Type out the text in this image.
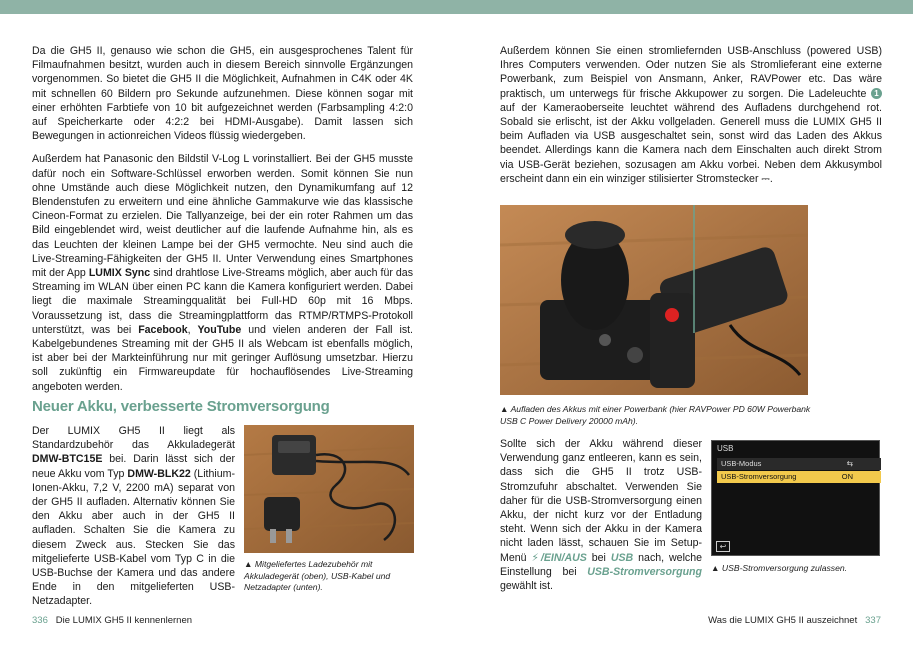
Da die GH5 II, genauso wie schon die GH5, ein ausgesprochenes Talent für Filmaufnahmen besitzt, wurden auch in diesem Bereich sinnvolle Ergänzungen vorgenommen. So bietet die GH5 II die Möglichkeit, Aufnahmen in C4K oder 4K mit schnellen 60 Bildern pro Sekunde aufzunehmen. Diese können sogar mit einer erhöhten Farbtiefe von 10 bit aufgezeichnet werden (Farbsampling 4:2:0 auf Speicherkarte oder 4:2:2 bei HDMI-Ausgabe). Damit lassen sich Bewegungen in actionreichen Videos flüssig wiedergeben.

Außerdem hat Panasonic den Bildstil V-Log L vorinstalliert. Bei der GH5 musste dafür noch ein Software-Schlüssel erworben werden. Somit können Sie nun ohne Umstände auch diese Möglichkeit nutzen, den Dynamikumfang auf 12 Blendenstufen zu erweitern und eine ähnliche Gammakurve wie das klassische Cineon-Format zu erzielen. Die Tallyanzeige, bei der ein roter Rahmen um das Bild eingeblendet wird, weist deutlicher auf die laufende Aufnahme hin, als es das Leuchten der kleinen Lampe bei der GH5 vermochte. Neu sind auch die Live-Streaming-Fähigkeiten der GH5 II. Unter Verwendung eines Smartphones mit der App LUMIX Sync sind drahtlose Live-Streams möglich, aber auch für das Streaming im WLAN über einen PC kann die Kamera konfiguriert werden. Dabei liegt die maximale Streamingqualität bei Full-HD 60p mit 16 Mbps. Voraussetzung ist, dass die Streamingplattform das RTMP/RTMPS-Protokoll unterstützt, was bei Facebook, YouTube und vielen anderen der Fall ist. Kabelgebundenes Streaming mit der GH5 II als Webcam ist ebenfalls möglich, ist aber bei der Markteinführung nur mit geringer Auflösung umsetzbar. Hierzu soll zukünftig ein Firmwareupdate für hochauflösendes Live-Streaming angeboten werden.

Neuer Akku, verbesserte Stromversorgung
Der LUMIX GH5 II liegt als Standardzubehör das Akkuladegerät DMW-BTC15E bei. Darin lässt sich der neue Akku vom Typ DMW-BLK22 (Lithium-Ionen-Akku, 7,2 V, 2200 mA) separat von der GH5 II aufladen. Alternativ können Sie den Akku aber auch in der GH5 II aufladen. Schalten Sie die Kamera zu diesem Zweck aus. Stecken Sie das mitgelieferte USB-Kabel vom Typ C in die USB-Buchse der Kamera und das andere Ende in den mitgelieferten USB-Netzadapter.
▲ Mitgeliefertes Ladezubehör mit Akkuladegerät (oben), USB-Kabel und Netzadapter (unten).
336 Die LUMIX GH5 II kennenlernen

Außerdem können Sie einen stromliefernden USB-Anschluss (powered USB) Ihres Computers verwenden. Oder nutzen Sie als Stromlieferant eine externe Powerbank, zum Beispiel von Ansmann, Anker, RAVPower etc. Das wäre praktisch, um unterwegs für frische Akkupower zu sorgen. Die Ladeleuchte 1 auf der Kameraoberseite leuchtet während des Aufladens durchgehend rot. Sobald sie erlischt, ist der Akku vollgeladen. Generell muss die LUMIX GH5 II beim Aufladen via USB ausgeschaltet sein, sonst wird das Laden des Akkus beendet. Allerdings kann die Kamera nach dem Einschalten auch direkt Strom via USB-Gerät beziehen, sozusagen am Akku vorbei. Neben dem Akkusymbol erscheint dann ein ein winziger stilisierter Stromstecker ⎓.

▲ Aufladen des Akkus mit einer Powerbank (hier RAVPower PD 60W Powerbank USB C Power Delivery 20000 mAh).
Sollte sich der Akku während dieser Verwendung ganz entleeren, kann es sein, dass sich die GH5 II trotz USB-Stromzufuhr abschaltet. Verwenden Sie daher für die USB-Stromversorgung einen Akku, der nicht kurz vor der Entladung steht. Wenn sich der Akku in der Kamera nicht laden lässt, schauen Sie im Setup-Menü ⚡/EIN/AUS bei USB nach, welche Einstellung bei USB-Stromversorgung gewählt ist.
USB
USB-Modus	⇆
USB-Stromversorgung	ON
↩
▲ USB-Stromversorgung zulassen.
Was die LUMIX GH5 II auszeichnet 337
